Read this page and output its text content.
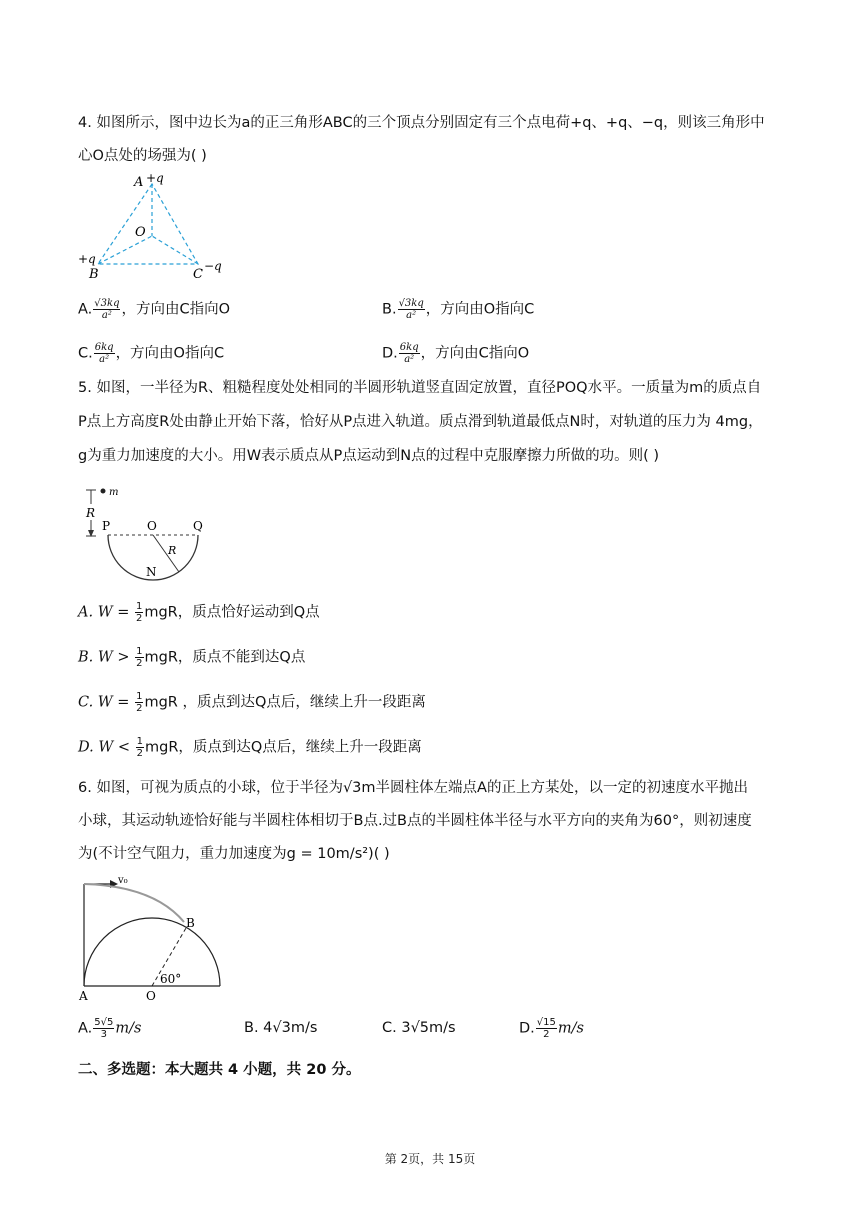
4. 如图所示，图中边长为a的正三角形ABC的三个顶点分别固定有三个点电荷+q、+q、−q，则该三角形中
心O点处的场强为( )
A +q
O
+q
B	C
−q
A. $\frac{√3kq}{\text{a²}}$ ，方向由C指向O	B. $\frac{√3kq}{\text{a²}}$ ，方向由O指向C
C. $\frac{6kq}{\text{a²}}$ ，方向由O指向C	D. $\frac{6kq}{\text{a²}}$ ，方向由C指向O
5. 如图，一半径为R、粗糙程度处处相同的半圆形轨道竖直固定放置，直径POQ水平。一质量为m的质点自
P点上方高度R处由静止开始下落，恰好从P点进入轨道。质点滑到轨道最低点N时，对轨道的压力为 4mg，
g为重力加速度的大小。用W表示质点从P点运动到N点的过程中克服摩擦力所做的功。则( )
m
R
P	O	Q
R
N
A. $W = \frac{1}{2}$ mgR，质点恰好运动到Q点
B. $W > \frac{1}{2}$ mgR，质点不能到达Q点
C. $W = \frac{1}{2}$ mgR ，质点到达Q点后，继续上升一段距离
D. $W < \frac{1}{2}$ mgR，质点到达Q点后，继续上升一段距离
6. 如图，可视为质点的小球，位于半径为√3m半圆柱体左端点A的正上方某处，以一定的初速度水平抛出
小球，其运动轨迹恰好能与半圆柱体相切于B点.过B点的半圆柱体半径与水平方向的夹角为60°，则初速度
为(不计空气阻力，重力加速度为g = 10m/s²)( )
v₀
B
60°
A	O
A. $\frac{5√5}{3} m/s$	B. 4√3m/s	C. 3√5m/s	D. $\frac{√15}{2} m/s$
二、多选题：本大题共 4 小题，共 20 分。
第 2页，共 15页
